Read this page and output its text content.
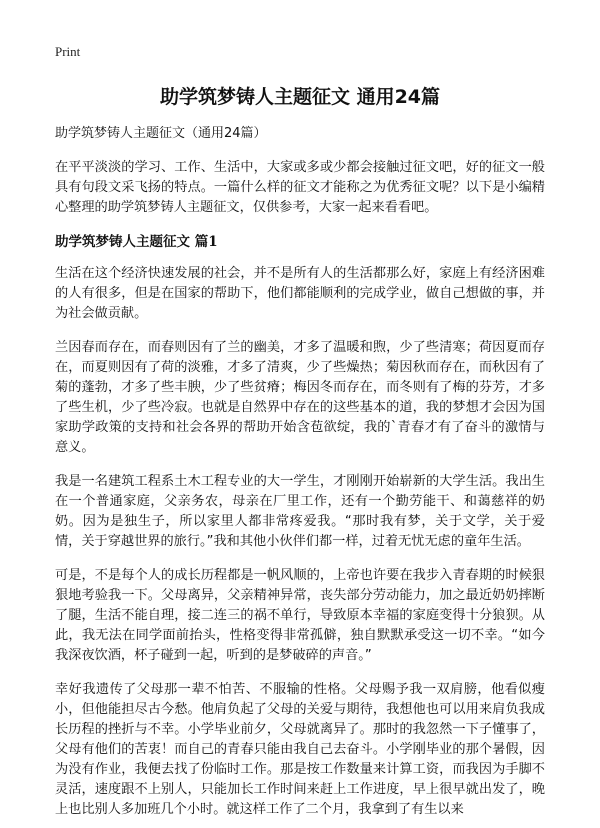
Print
助学筑梦铸人主题征文 通用24篇

助学筑梦铸人主题征文（通用24篇）

在平平淡淡的学习、工作、生活中，大家或多或少都会接触过征文吧，好的征文一般具有句段文采飞扬的特点。一篇什么样的征文才能称之为优秀征文呢？以下是小编精心整理的助学筑梦铸人主题征文，仅供参考，大家一起来看看吧。

助学筑梦铸人主题征文 篇1

生活在这个经济快速发展的社会，并不是所有人的生活都那么好，家庭上有经济困难的人有很多，但是在国家的帮助下，他们都能顺利的完成学业，做自己想做的事，并为社会做贡献。

兰因春而存在，而春则因有了兰的幽美，才多了温暖和煦，少了些清寒；荷因夏而存在，而夏则因有了荷的淡雅，才多了清爽，少了些燥热；菊因秋而存在，而秋因有了菊的蓬勃，才多了些丰腴，少了些贫瘠；梅因冬而存在，而冬则有了梅的芬芳，才多了些生机，少了些冷寂。也就是自然界中存在的这些基本的道，我的梦想才会因为国家助学政策的支持和社会各界的帮助开始含苞欲绽，我的`青春才有了奋斗的激情与意义。

我是一名建筑工程系土木工程专业的大一学生，才刚刚开始崭新的大学生活。我出生在一个普通家庭，父亲务农，母亲在厂里工作，还有一个勤劳能干、和蔼慈祥的奶奶。因为是独生子，所以家里人都非常疼爱我。“那时我有梦，关于文学，关于爱情，关于穿越世界的旅行。”我和其他小伙伴们都一样，过着无忧无虑的童年生活。

可是，不是每个人的成长历程都是一帆风顺的，上帝也许要在我步入青春期的时候狠狠地考验我一下。父母离异，父亲精神异常，丧失部分劳动能力，加之最近奶奶摔断了腿，生活不能自理，接二连三的祸不单行，导致原本幸福的家庭变得十分狼狈。从此，我无法在同学面前抬头，性格变得非常孤僻，独自默默承受这一切不幸。“如今我深夜饮酒，杯子碰到一起，听到的是梦破碎的声音。”

幸好我遗传了父母那一辈不怕苦、不服输的性格。父母赐予我一双肩膀，他看似瘦小，但他能担尽古今愁。他肩负起了父母的关爱与期待，我想他也可以用来肩负我成长历程的挫折与不幸。小学毕业前夕，父母就离异了。那时的我忽然一下子懂事了，父母有他们的苦衷！而自己的青春只能由我自己去奋斗。小学刚毕业的那个暑假，因为没有作业，我便去找了份临时工作。那是按工作数量来计算工资，而我因为手脚不灵活，速度跟不上别人，只能加长工作时间来赶上工作进度，早上很早就出发了，晚上也比别人多加班几个小时。就这样工作了二个月，我拿到了有生以来
